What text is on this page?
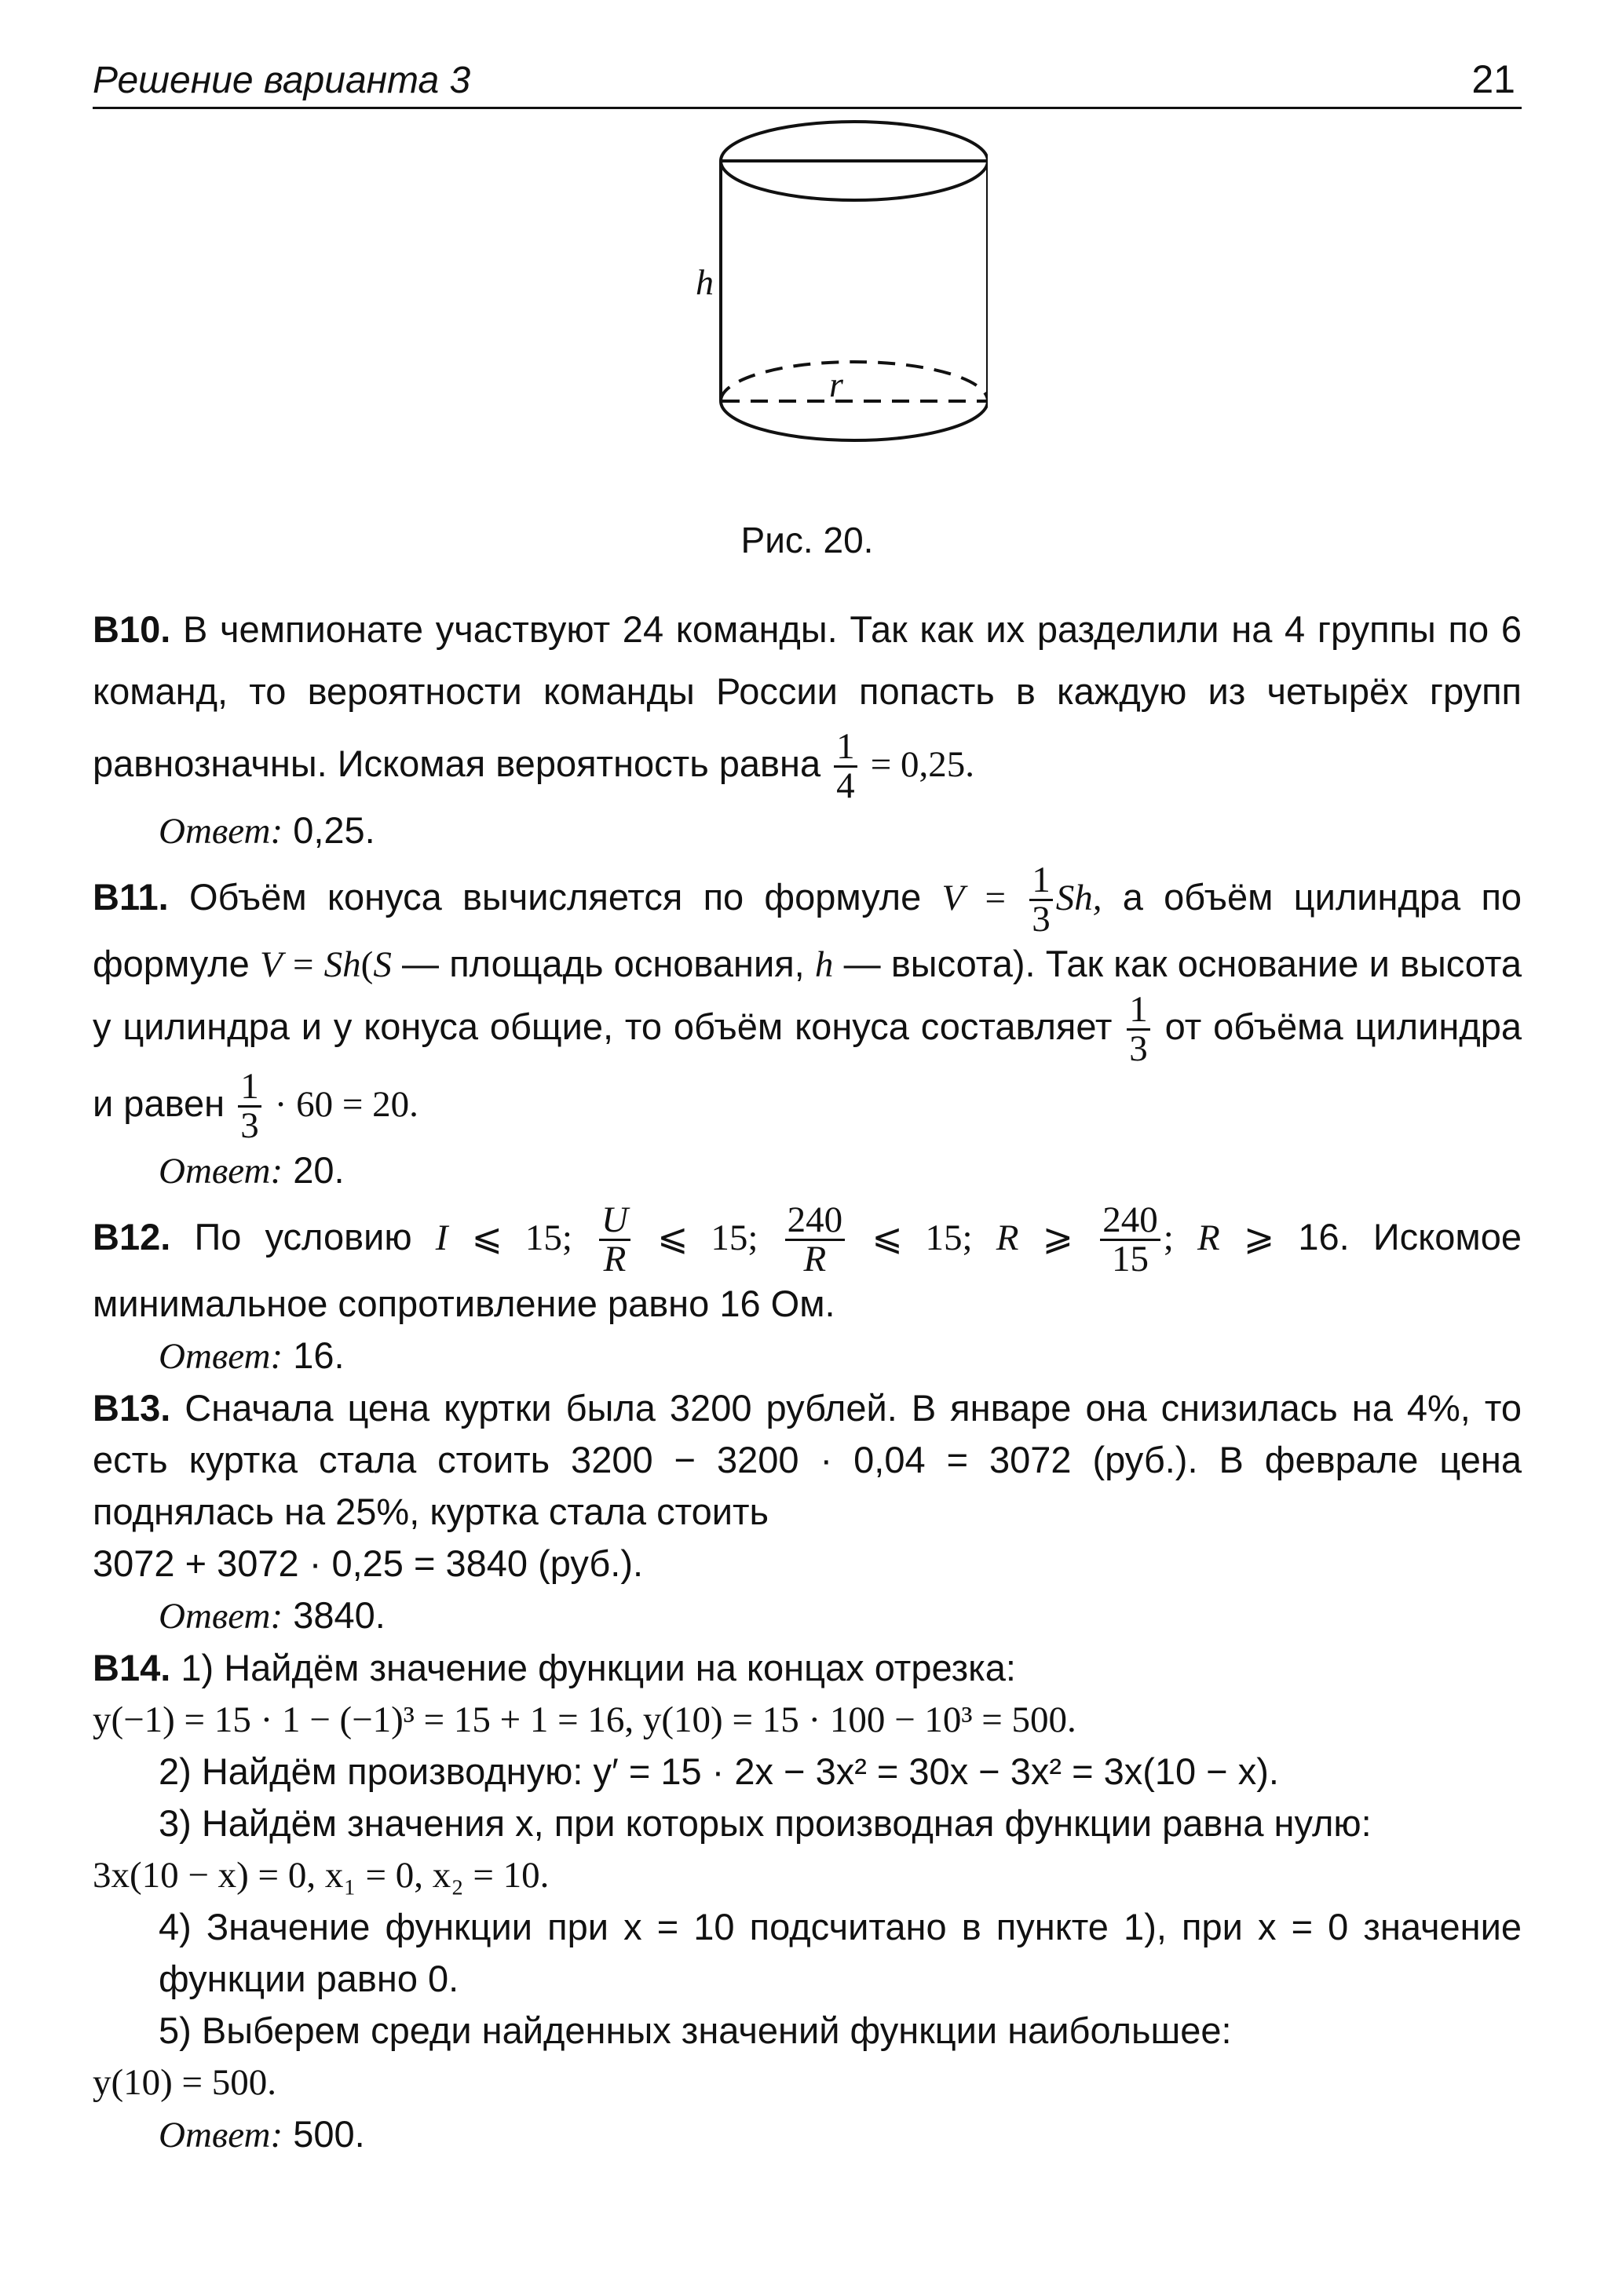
Решение варианта 3	21
h
r
Рис. 20.
В10. В чемпионате участвуют 24 команды. Так как их разделили на 4 группы по 6 команд, то вероятности команды России попасть в каждую из четырёх групп равнозначны. Искомая вероятность равна $\frac{1}{4} = 0,25$.
Ответ: 0,25.
В11. Объём конуса вычисляется по формуле $V = \frac{1}{3} Sh$, а объём цилиндра по формуле V = Sh(S — площадь основания, h — высота). Так как основание и высота у цилиндра и у конуса общие, то объём конуса составляет $\frac{1}{3}$ от объёма цилиндра и равен $\frac{1}{3} \cdot 60 = 20$.
Ответ: 20.
В12. По условию I ⩽ 15; $\frac{U}{R}$ ⩽ 15; $\frac{240}{R}$ ⩽ 15; R ⩾ $\frac{240}{15}$ ; R ⩾ 16. Искомое минимальное сопротивление равно 16 Ом.
Ответ: 16.
В13. Сначала цена куртки была 3200 рублей. В январе она снизилась на 4%, то есть куртка стала стоить 3200 − 3200 · 0,04 = 3072 (руб.). В феврале цена поднялась на 25%, куртка стала стоить
3072 + 3072 · 0,25 = 3840 (руб.).
Ответ: 3840.
В14. 1) Найдём значение функции на концах отрезка:
y(−1) = 15 · 1 − (−1)³ = 15 + 1 = 16, y(10) = 15 · 100 − 10³ = 500.
2) Найдём производную: y′ = 15 · 2x − 3x² = 30x − 3x² = 3x(10 − x).
3) Найдём значения x, при которых производная функции равна нулю:
3x(10 − x) = 0, x₁ = 0, x₂ = 10.
4) Значение функции при x = 10 подсчитано в пункте 1), при x = 0 значение функции равно 0.
5) Выберем среди найденных значений функции наибольшее:
y(10) = 500.
Ответ: 500.
